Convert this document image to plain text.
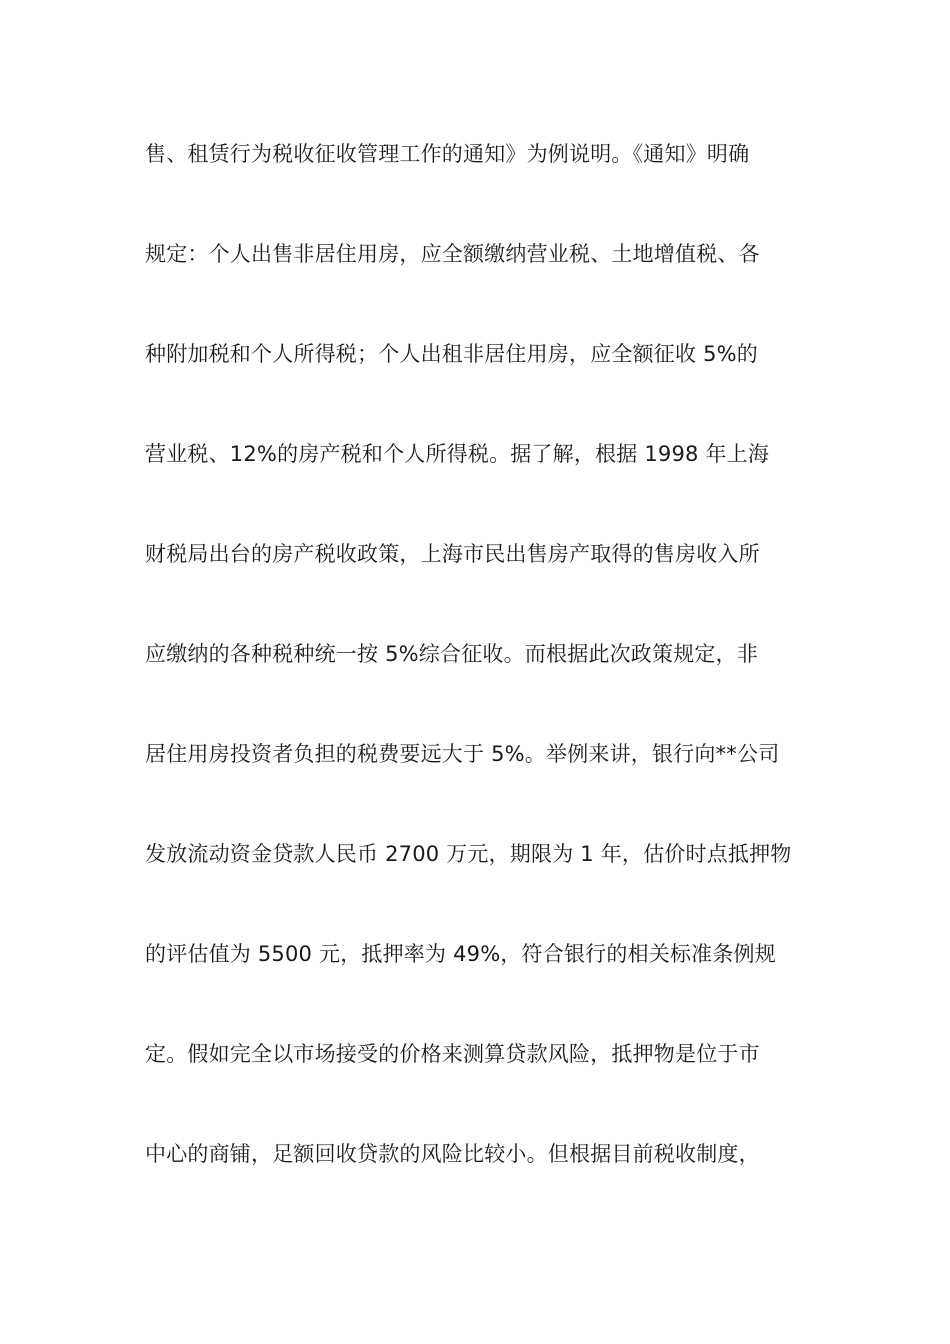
售、租赁行为税收征收管理工作的通知》为例说明。《通知》明确
规定：个人出售非居住用房，应全额缴纳营业税、土地增值税、各
种附加税和个人所得税；个人出租非居住用房，应全额征收 5%的
营业税、12%的房产税和个人所得税。据了解，根据 1998 年上海
财税局出台的房产税收政策，上海市民出售房产取得的售房收入所
应缴纳的各种税种统一按 5%综合征收。而根据此次政策规定，非
居住用房投资者负担的税费要远大于 5%。举例来讲，银行向**公司
发放流动资金贷款人民币 2700 万元，期限为 1 年，估价时点抵押物
的评估值为 5500 元，抵押率为 49%，符合银行的相关标准条例规
定。假如完全以市场接受的价格来测算贷款风险，抵押物是位于市
中心的商铺，足额回收贷款的风险比较小。但根据目前税收制度，
